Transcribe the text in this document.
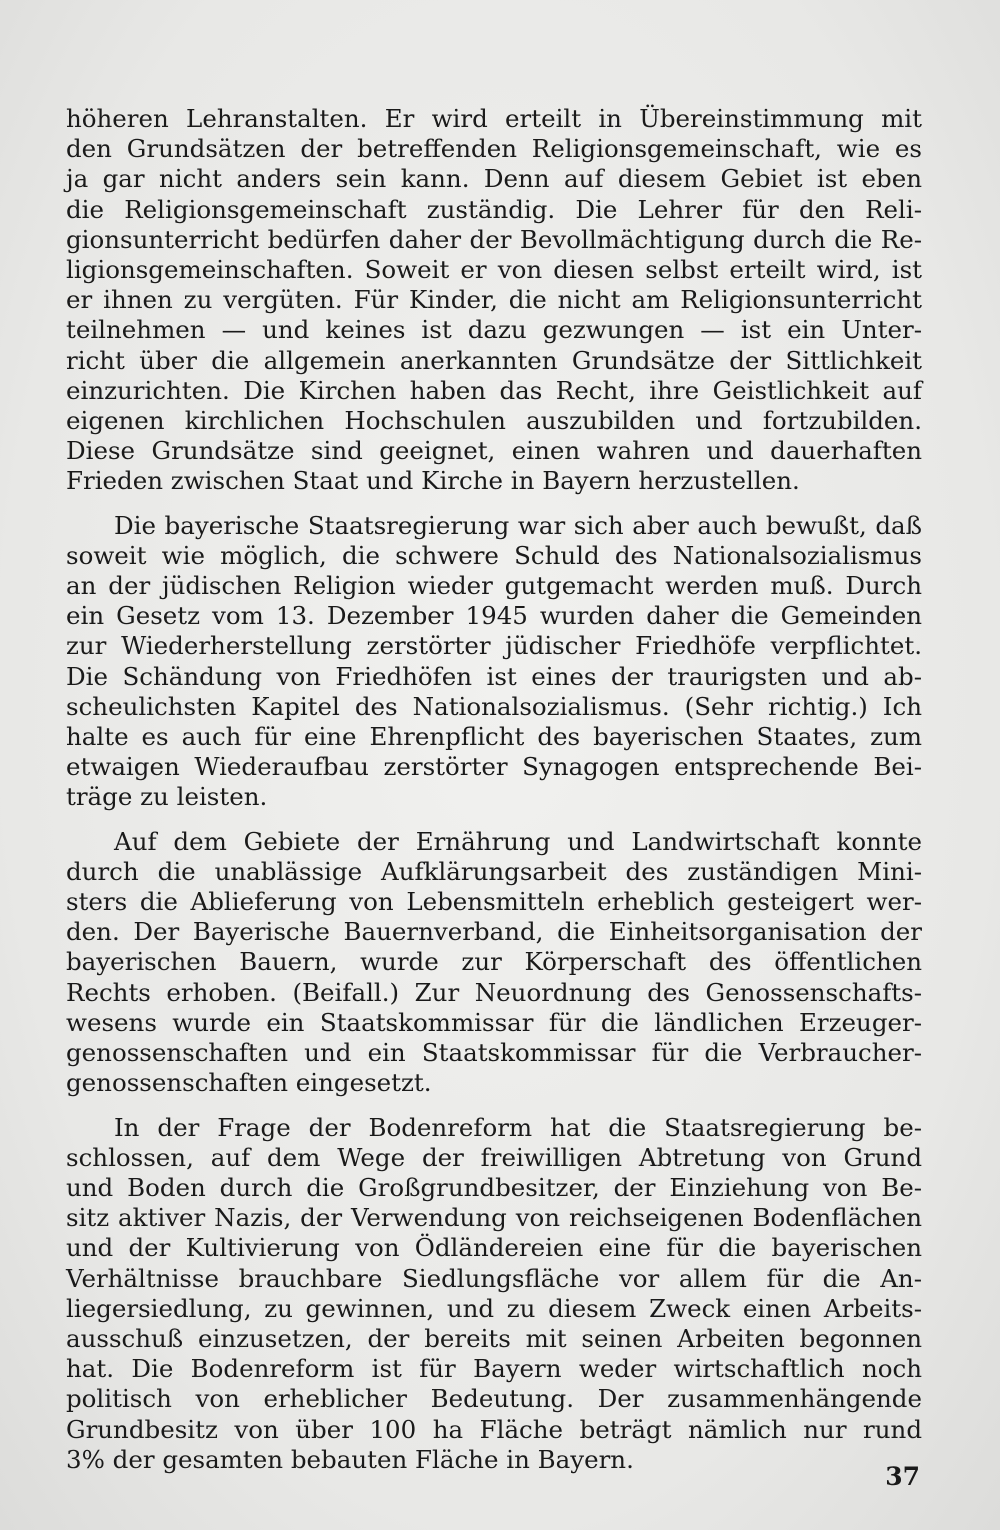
höheren Lehranstalten. Er wird erteilt in Übereinstimmung mit
den Grundsätzen der betreffenden Religionsgemeinschaft, wie es
ja gar nicht anders sein kann. Denn auf diesem Gebiet ist eben
die Religionsgemeinschaft zuständig. Die Lehrer für den Reli-
gionsunterricht bedürfen daher der Bevollmächtigung durch die Re-
ligionsgemeinschaften. Soweit er von diesen selbst erteilt wird, ist
er ihnen zu vergüten. Für Kinder, die nicht am Religionsunterricht
teilnehmen — und keines ist dazu gezwungen — ist ein Unter-
richt über die allgemein anerkannten Grundsätze der Sittlichkeit
einzurichten. Die Kirchen haben das Recht, ihre Geistlichkeit auf
eigenen kirchlichen Hochschulen auszubilden und fortzubilden.
Diese Grundsätze sind geeignet, einen wahren und dauerhaften
Frieden zwischen Staat und Kirche in Bayern herzustellen.

Die bayerische Staatsregierung war sich aber auch bewußt, daß
soweit wie möglich, die schwere Schuld des Nationalsozialismus
an der jüdischen Religion wieder gutgemacht werden muß. Durch
ein Gesetz vom 13. Dezember 1945 wurden daher die Gemeinden
zur Wiederherstellung zerstörter jüdischer Friedhöfe verpflichtet.
Die Schändung von Friedhöfen ist eines der traurigsten und ab-
scheulichsten Kapitel des Nationalsozialismus. (Sehr richtig.) Ich
halte es auch für eine Ehrenpflicht des bayerischen Staates, zum
etwaigen Wiederaufbau zerstörter Synagogen entsprechende Bei-
träge zu leisten.

Auf dem Gebiete der Ernährung und Landwirtschaft konnte
durch die unablässige Aufklärungsarbeit des zuständigen Mini-
sters die Ablieferung von Lebensmitteln erheblich gesteigert wer-
den. Der Bayerische Bauernverband, die Einheitsorganisation der
bayerischen Bauern, wurde zur Körperschaft des öffentlichen
Rechts erhoben. (Beifall.) Zur Neuordnung des Genossenschafts-
wesens wurde ein Staatskommissar für die ländlichen Erzeuger-
genossenschaften und ein Staatskommissar für die Verbraucher-
genossenschaften eingesetzt.

In der Frage der Bodenreform hat die Staatsregierung be-
schlossen, auf dem Wege der freiwilligen Abtretung von Grund
und Boden durch die Großgrundbesitzer, der Einziehung von Be-
sitz aktiver Nazis, der Verwendung von reichseigenen Bodenflächen
und der Kultivierung von Ödländereien eine für die bayerischen
Verhältnisse brauchbare Siedlungsfläche vor allem für die An-
liegersiedlung, zu gewinnen, und zu diesem Zweck einen Arbeits-
ausschuß einzusetzen, der bereits mit seinen Arbeiten begonnen
hat. Die Bodenreform ist für Bayern weder wirtschaftlich noch
politisch von erheblicher Bedeutung. Der zusammenhängende
Grundbesitz von über 100 ha Fläche beträgt nämlich nur rund
3% der gesamten bebauten Fläche in Bayern.

37
